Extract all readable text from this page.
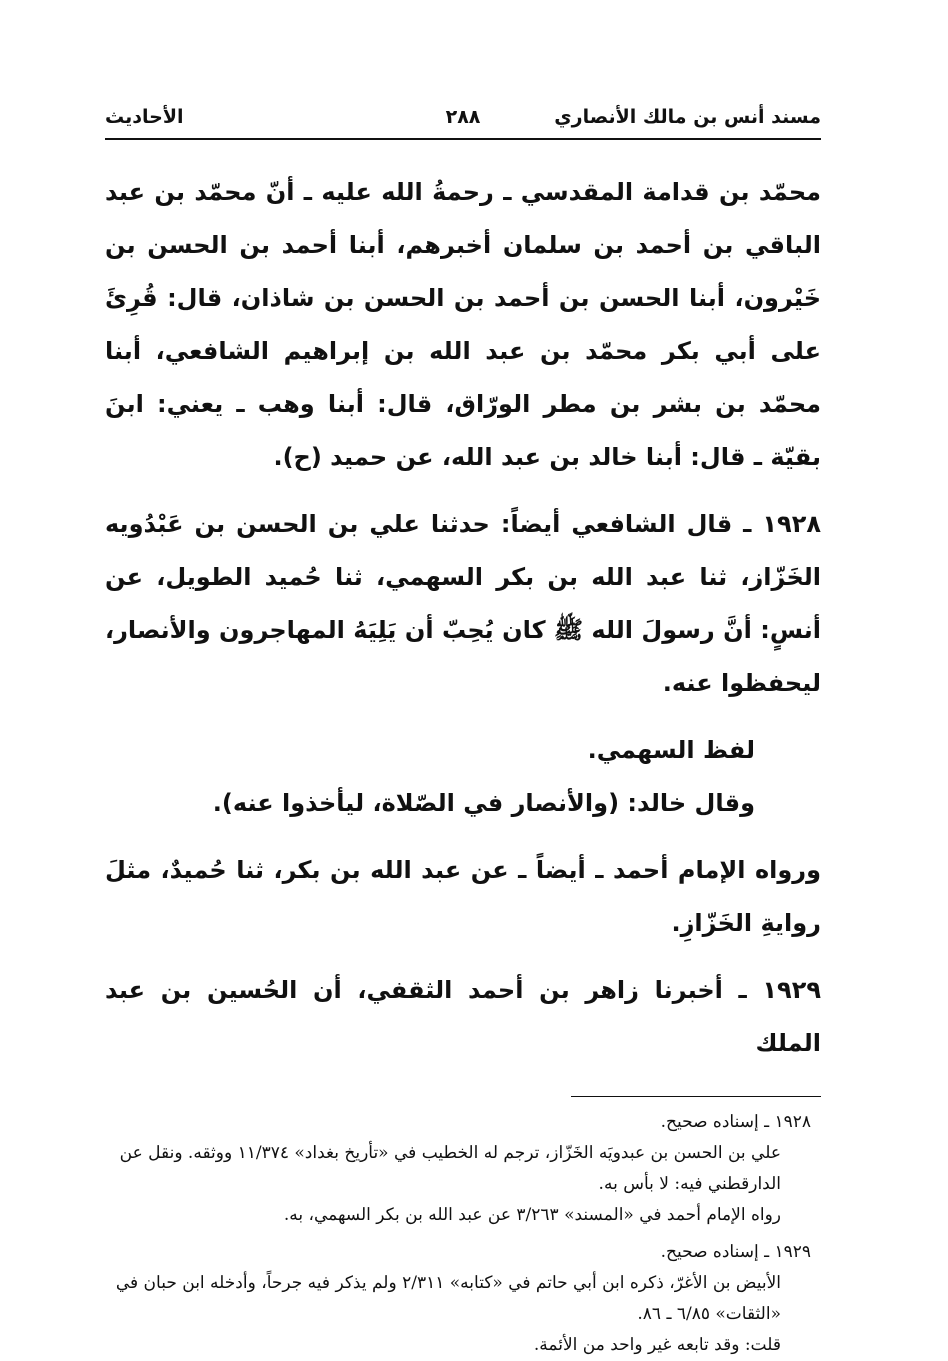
مسند أنس بن مالك الأنصاري
٢٨٨
الأحاديث

محمّد بن قدامة المقدسي ـ رحمةُ الله عليه ـ أنّ محمّد بن عبد الباقي بن أحمد بن سلمان أخبرهم، أبنا أحمد بن الحسن بن خَيْرون، أبنا الحسن بن أحمد بن الحسن بن شاذان، قال: قُرِئَ على أبي بكر محمّد بن عبد الله بن إبراهيم الشافعي، أبنا محمّد بن بشر بن مطر الورّاق، قال: أبنا وهب ـ يعني: ابنَ بقيّة ـ قال: أبنا خالد بن عبد الله، عن حميد (ح).

١٩٢٨ ـ قال الشافعي أيضاً: حدثنا علي بن الحسن بن عَبْدُويه الخَزّاز، ثنا عبد الله بن بكر السهمي، ثنا حُميد الطويل، عن أنسٍ: أنَّ رسولَ الله ﷺ كان يُحِبّ أن يَلِيَهُ المهاجرون والأنصار، ليحفظوا عنه.

لفظ السهمي.

وقال خالد: (والأنصار في الصّلاة، ليأخذوا عنه).

ورواه الإمام أحمد ـ أيضاً ـ عن عبد الله بن بكر، ثنا حُميدٌ، مثلَ روايةِ الخَزّازِ.

١٩٢٩ ـ أخبرنا زاهر بن أحمد الثقفي، أن الحُسين بن عبد الملك

١٩٢٨ ـ إسناده صحيح.

علي بن الحسن بن عبدويَه الخَزّاز، ترجم له الخطيب في «تأريخ بغداد» ١١/٣٧٤ ووثقه. ونقل عن الدارقطني فيه: لا بأس به.

رواه الإمام أحمد في «المسند» ٣/٢٦٣ عن عبد الله بن بكر السهمي، به.

١٩٢٩ ـ إسناده صحيح.

الأبيض بن الأغرّ، ذكره ابن أبي حاتم في «كتابه» ٢/٣١١ ولم يذكر فيه جرحاً، وأدخله ابن حبان في «الثقات» ٦/٨٥ ـ ٨٦.

قلت: وقد تابعه غير واحد من الأئمة.
